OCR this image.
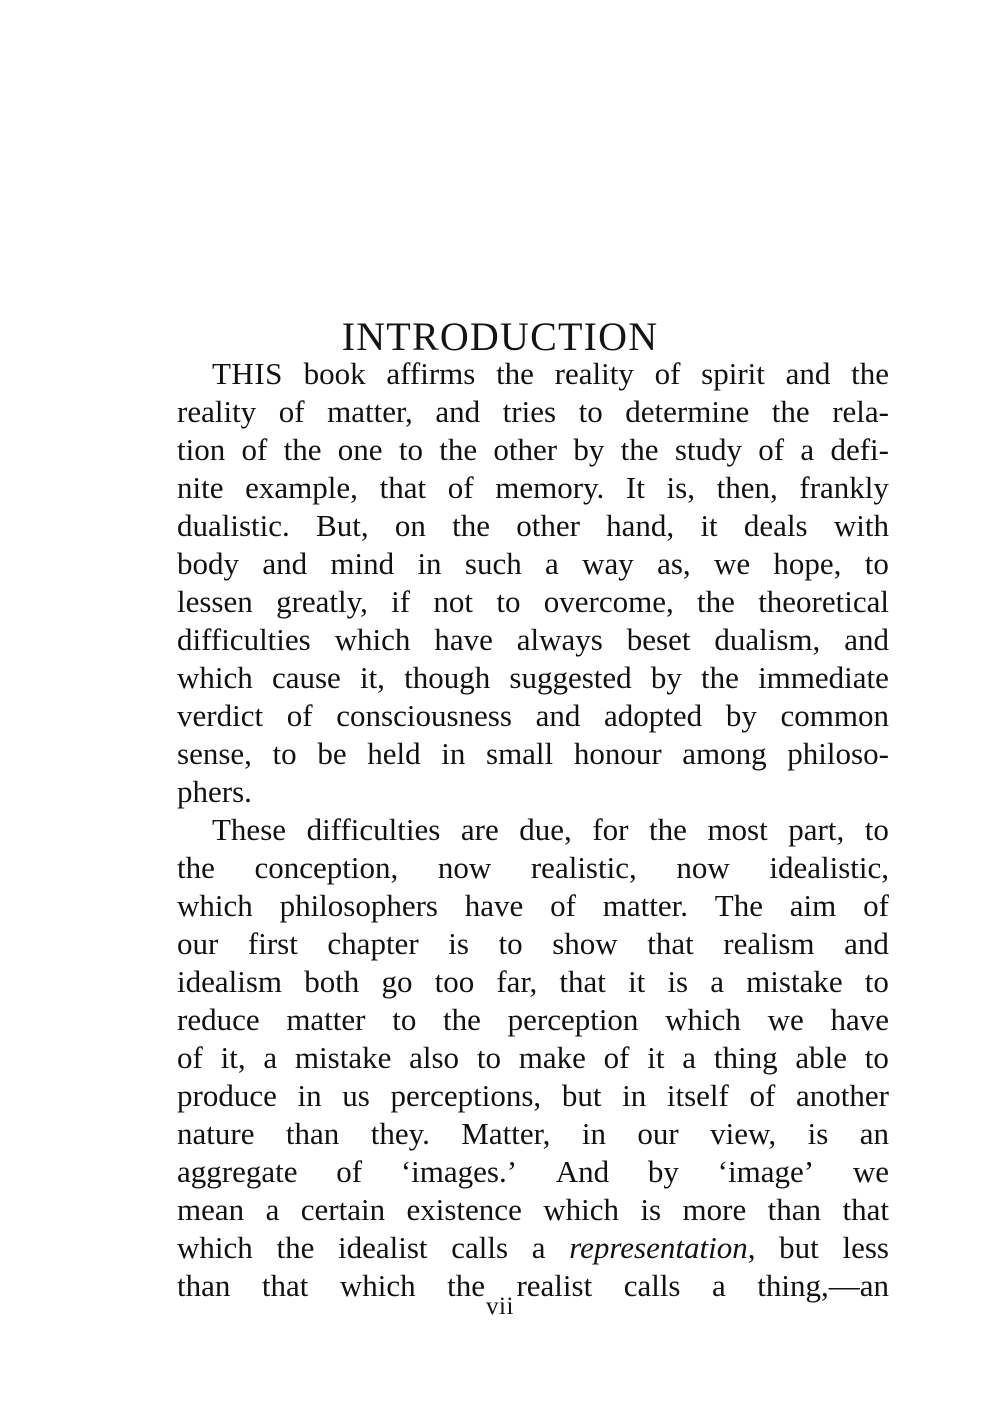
INTRODUCTION
THIS book affirms the reality of spirit and the
reality of matter, and tries to determine the rela-
tion of the one to the other by the study of a defi-
nite example, that of memory. It is, then, frankly
dualistic. But, on the other hand, it deals with
body and mind in such a way as, we hope, to
lessen greatly, if not to overcome, the theoretical
difficulties which have always beset dualism, and
which cause it, though suggested by the immediate
verdict of consciousness and adopted by common
sense, to be held in small honour among philoso-
phers.
These difficulties are due, for the most part, to
the conception, now realistic, now idealistic,
which philosophers have of matter. The aim of
our first chapter is to show that realism and
idealism both go too far, that it is a mistake to
reduce matter to the perception which we have
of it, a mistake also to make of it a thing able to
produce in us perceptions, but in itself of another
nature than they. Matter, in our view, is an
aggregate of ‘images.’ And by ‘image’ we
mean a certain existence which is more than that
which the idealist calls a representation, but less
than that which the realist calls a thing,—an
vii
